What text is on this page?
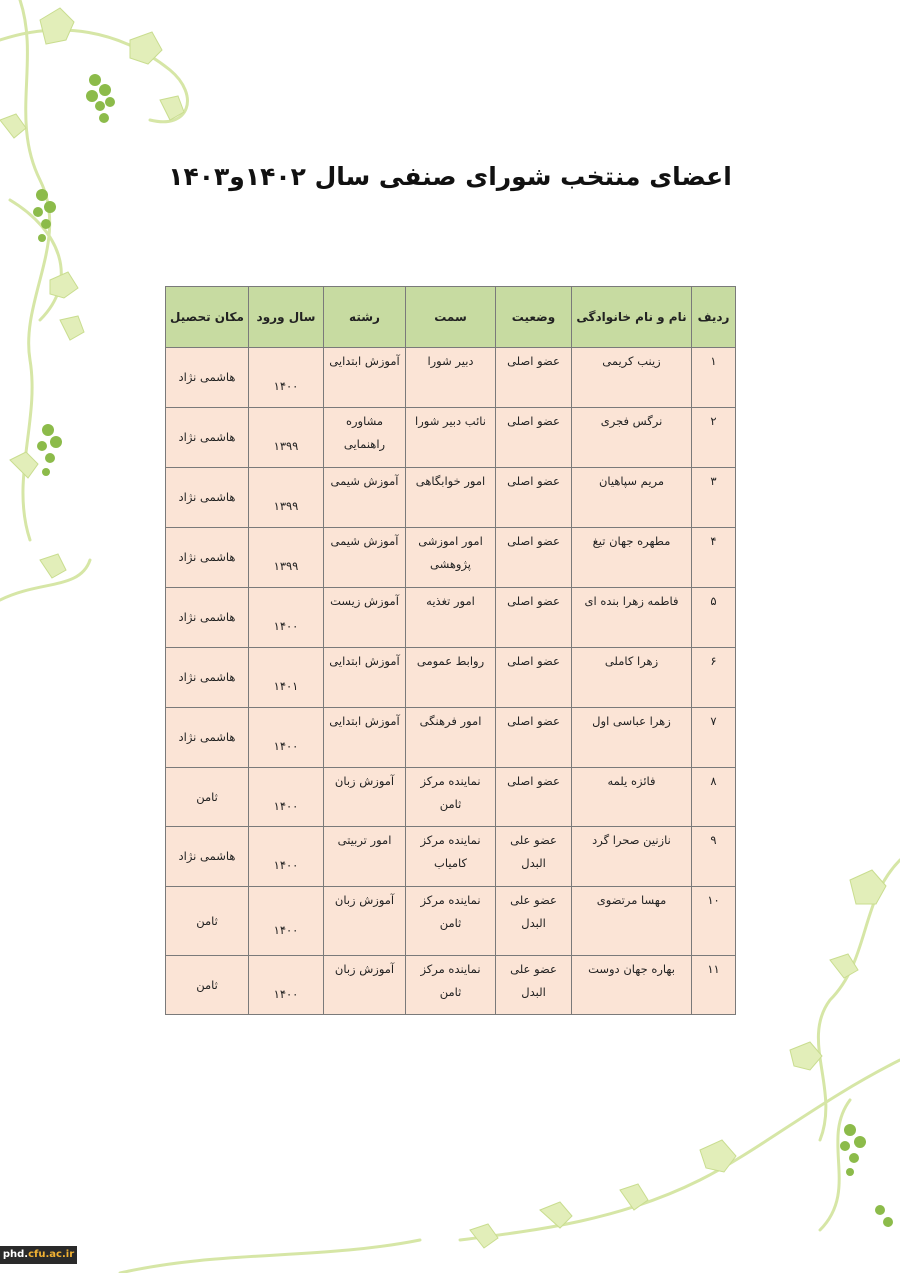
اعضای منتخب شورای صنفی سال ۱۴۰۲و۱۴۰۳
ردیف	نام و نام خانوادگی	وضعیت	سمت	رشته	سال ورود	مکان تحصیل
۱	زینب کریمی	عضو اصلی	دبیر شورا	آموزش ابتدایی	۱۴۰۰	هاشمی نژاد
۲	نرگس فجری	عضو اصلی	نائب دبیر شورا	مشاوره راهنمایی	۱۳۹۹	هاشمی نژاد
۳	مریم سپاهیان	عضو اصلی	امور خوابگاهی	آموزش شیمی	۱۳۹۹	هاشمی نژاد
۴	مطهره جهان تیغ	عضو اصلی	امور اموزشی پژوهشی	آموزش شیمی	۱۳۹۹	هاشمی نژاد
۵	فاطمه زهرا بنده ای	عضو اصلی	امور تغذیه	آموزش زیست	۱۴۰۰	هاشمی نژاد
۶	زهرا کاملی	عضو اصلی	روابط عمومی	آموزش ابتدایی	۱۴۰۱	هاشمی نژاد
۷	زهرا عباسی اول	عضو اصلی	امور فرهنگی	آموزش ابتدایی	۱۴۰۰	هاشمی نژاد
۸	فائزه یلمه	عضو اصلی	نماینده مرکز ثامن	آموزش زبان	۱۴۰۰	ثامن
۹	نازنین صحرا گرد	عضو علی البدل	نماینده مرکز کامیاب	امور تربیتی	۱۴۰۰	هاشمی نژاد
۱۰	مهسا مرتضوی	عضو علی البدل	نماینده مرکز ثامن	آموزش زبان	۱۴۰۰	ثامن
۱۱	بهاره جهان دوست	عضو علی البدل	نماینده مرکز ثامن	آموزش زبان	۱۴۰۰	ثامن
phd.cfu.ac.ir
